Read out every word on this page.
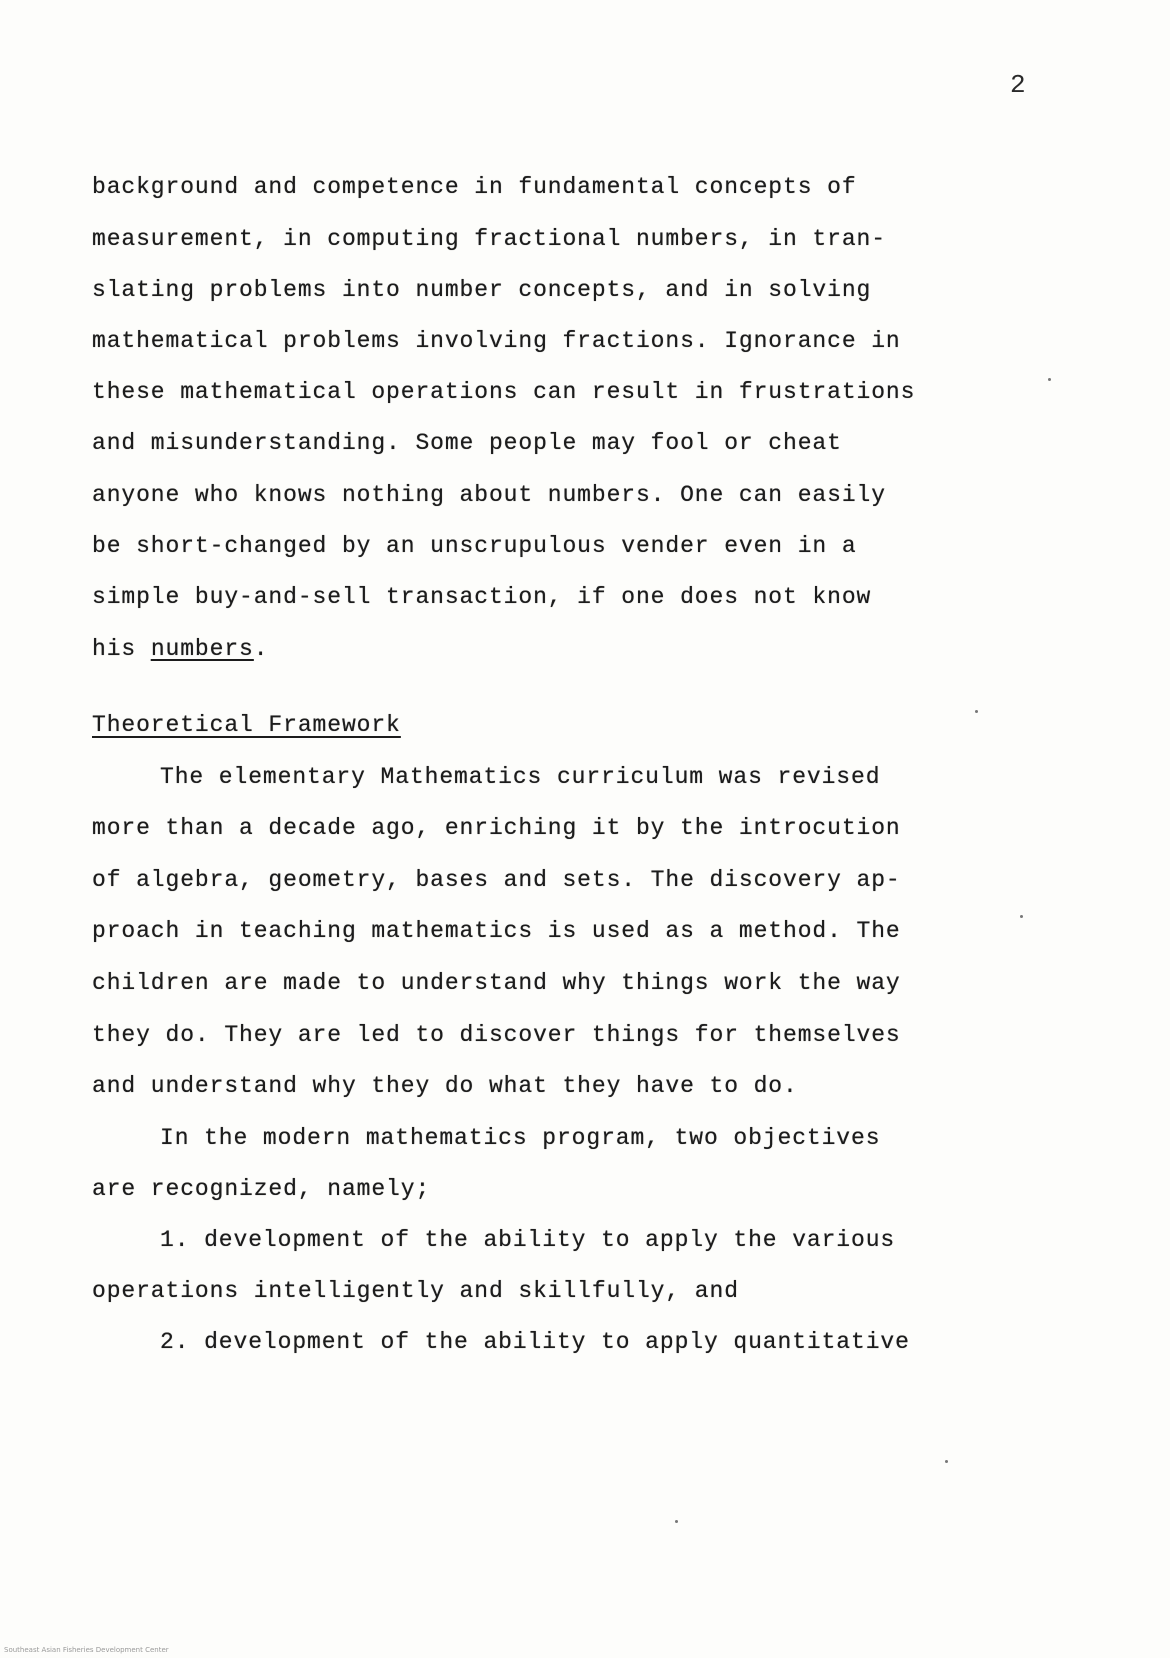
2
background and competence in fundamental concepts of
measurement, in computing fractional numbers, in tran-
slating problems into number concepts, and in solving
mathematical problems involving fractions. Ignorance in
these mathematical operations can result in frustrations
and misunderstanding. Some people may fool or cheat
anyone who knows nothing about numbers. One can easily
be short-changed by an unscrupulous vender even in a
simple buy-and-sell transaction, if one does not know
his numbers.
Theoretical Framework
The elementary Mathematics curriculum was revised
more than a decade ago, enriching it by the introcution
of algebra, geometry, bases and sets. The discovery ap-
proach in teaching mathematics is used as a method. The
children are made to understand why things work the way
they do. They are led to discover things for themselves
and understand why they do what they have to do.
In the modern mathematics program, two objectives
are recognized, namely;
1. development of the ability to apply the various
operations intelligently and skillfully, and
2. development of the ability to apply quantitative
Southeast Asian Fisheries Development Center
